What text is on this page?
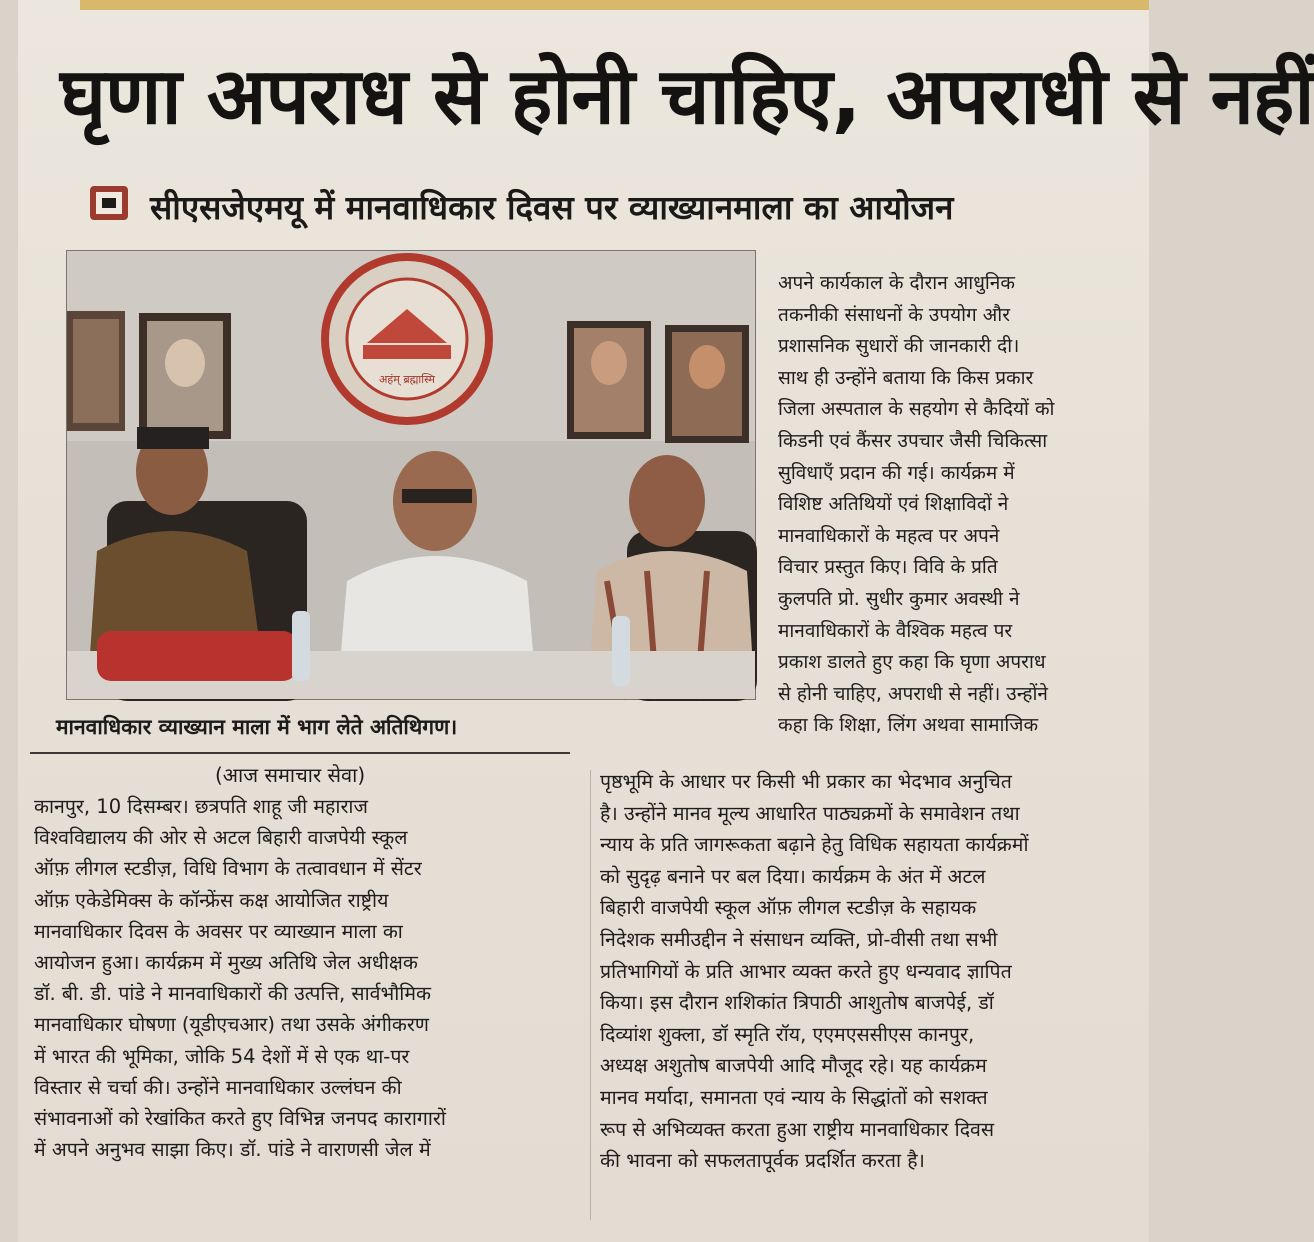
घृणा अपराध से होनी चाहिए, अपराधी से नहीं
सीएसजेएमयू में मानवाधिकार दिवस पर व्याख्यानमाला का आयोजन
अहंम् ब्रह्मास्मि
मानवाधिकार व्याख्यान माला में भाग लेते अतिथिगण।
(आज समाचार सेवा)
अपने कार्यकाल के दौरान आधुनिक
तकनीकी संसाधनों के उपयोग और
प्रशासनिक सुधारों की जानकारी दी।
साथ ही उन्होंने बताया कि किस प्रकार
जिला अस्पताल के सहयोग से कैदियों को
किडनी एवं कैंसर उपचार जैसी चिकित्सा
सुविधाएँ प्रदान की गई। कार्यक्रम में
विशिष्ट अतिथियों एवं शिक्षाविदों ने
मानवाधिकारों के महत्व पर अपने
विचार प्रस्तुत किए। विवि के प्रति
कुलपति प्रो. सुधीर कुमार अवस्थी ने
मानवाधिकारों के वैश्विक महत्व पर
प्रकाश डालते हुए कहा कि घृणा अपराध
से होनी चाहिए, अपराधी से नहीं। उन्होंने
कहा कि शिक्षा, लिंग अथवा सामाजिक
पृष्ठभूमि के आधार पर किसी भी प्रकार का भेदभाव अनुचित
है। उन्होंने मानव मूल्य आधारित पाठ्यक्रमों के समावेशन तथा
न्याय के प्रति जागरूकता बढ़ाने हेतु विधिक सहायता कार्यक्रमों
को सुदृढ़ बनाने पर बल दिया। कार्यक्रम के अंत में अटल
बिहारी वाजपेयी स्कूल ऑफ़ लीगल स्टडीज़ के सहायक
निदेशक समीउद्दीन ने संसाधन व्यक्ति, प्रो-वीसी तथा सभी
प्रतिभागियों के प्रति आभार व्यक्त करते हुए धन्यवाद ज्ञापित
किया। इस दौरान शशिकांत त्रिपाठी आशुतोष बाजपेई, डॉ
दिव्यांश शुक्ला, डॉ स्मृति रॉय, एएमएससीएस कानपुर,
अध्यक्ष अशुतोष बाजपेयी आदि मौजूद रहे। यह कार्यक्रम
मानव मर्यादा, समानता एवं न्याय के सिद्धांतों को सशक्त
रूप से अभिव्यक्त करता हुआ राष्ट्रीय मानवाधिकार दिवस
की भावना को सफलतापूर्वक प्रदर्शित करता है।
कानपुर, 10 दिसम्बर। छत्रपति शाहू जी महाराज
विश्वविद्यालय की ओर से अटल बिहारी वाजपेयी स्कूल
ऑफ़ लीगल स्टडीज़, विधि विभाग के तत्वावधान में सेंटर
ऑफ़ एकेडेमिक्स के कॉन्फ्रेंस कक्ष आयोजित राष्ट्रीय
मानवाधिकार दिवस के अवसर पर व्याख्यान माला का
आयोजन हुआ। कार्यक्रम में मुख्य अतिथि जेल अधीक्षक
डॉ. बी. डी. पांडे ने मानवाधिकारों की उत्पत्ति, सार्वभौमिक
मानवाधिकार घोषणा (यूडीएचआर) तथा उसके अंगीकरण
में भारत की भूमिका, जोकि 54 देशों में से एक था-पर
विस्तार से चर्चा की। उन्होंने मानवाधिकार उल्लंघन की
संभावनाओं को रेखांकित करते हुए विभिन्न जनपद कारागारों
में अपने अनुभव साझा किए। डॉ. पांडे ने वाराणसी जेल में
